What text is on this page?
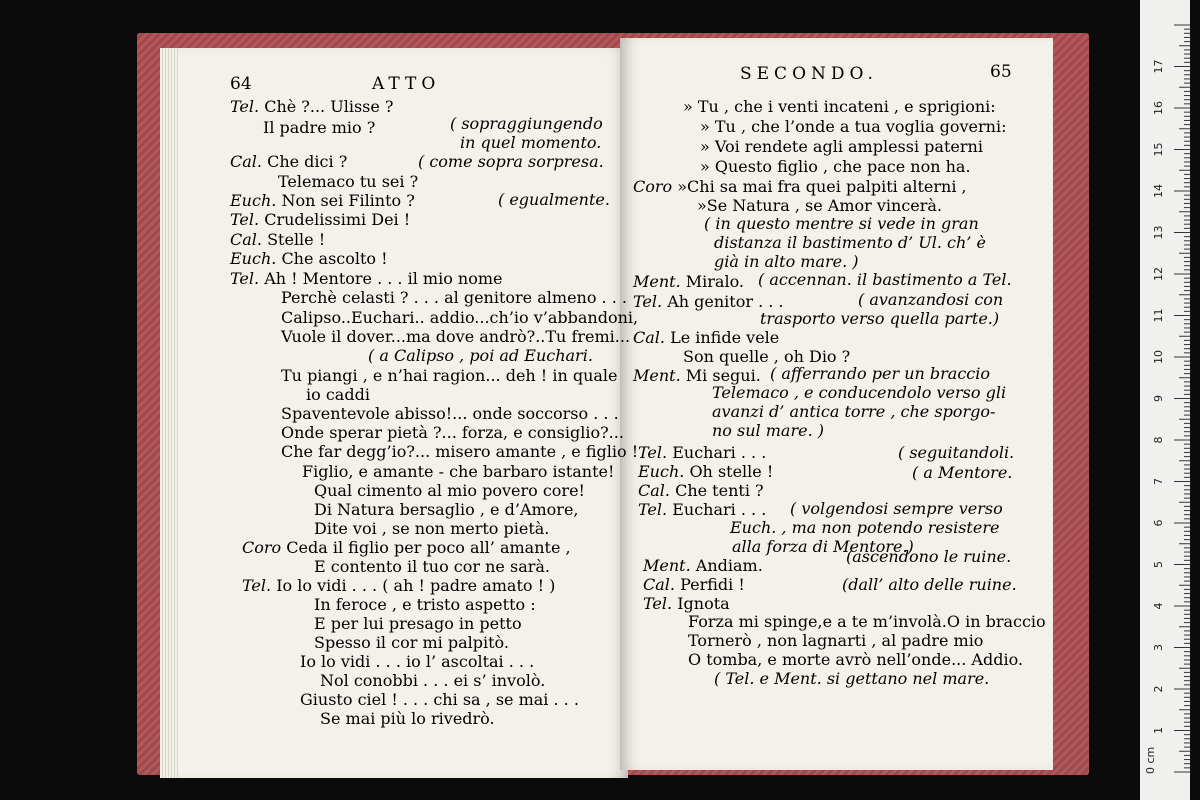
64	ATTO	SECONDO.	65
Tel. Chè ?... Ulisse ?
Il padre mio ?	( sopraggiungendo
in quel momento.
Cal. Che dici ?	( come sopra sorpresa.
Telemaco tu sei ?
Euch. Non sei Filinto ?	( egualmente.
Tel. Crudelissimi Dei !
Cal. Stelle !
Euch. Che ascolto !
Tel. Ah ! Mentore . . . il mio nome
Perchè celasti ? . . . al genitore almeno . . .
Calipso..Euchari.. addio...ch’io v’abbandoni,
Vuole il dover...ma dove andrò?..Tu fremi...
( a Calipso , poi ad Euchari.
Tu piangi , e n’hai ragion... deh ! in quale
io caddi
Spaventevole abisso!... onde soccorso . . .
Onde sperar pietà ?... forza, e consiglio?...
Che far degg’io?... misero amante , e figlio !
Figlio, e amante - che barbaro istante!
Qual cimento al mio povero core!
Di Natura bersaglio , e d’Amore,
Dite voi , se non merto pietà.
Coro Ceda il figlio per poco all’ amante ,
E contento il tuo cor ne sarà.
Tel. Io lo vidi . . . ( ah ! padre amato ! )
In feroce , e tristo aspetto :
E per lui presago in petto
Spesso il cor mi palpitò.
Io lo vidi . . . io l’ ascoltai . . .
Nol conobbi . . . ei s’ involò.
Giusto ciel ! . . . chi sa , se mai . . .
Se mai più lo rivedrò.
» Tu , che i venti incateni , e sprigioni:
» Tu , che l’onde a tua voglia governi:
» Voi rendete agli amplessi paterni
» Questo figlio , che pace non ha.
Coro »Chi sa mai fra quei palpiti alterni ,
»Se Natura , se Amor vincerà.
( in questo mentre si vede in gran
distanza il bastimento d’ Ul. ch’ è
già in alto mare. )
Ment. Miralo. ( accennan. il bastimento a Tel.
Tel. Ah genitor . . .	( avanzandosi con
trasporto verso quella parte.)
Cal. Le infide vele
Son quelle , oh Dio ?
Ment. Mi segui. ( afferrando per un braccio
Telemaco , e conducendolo verso gli
avanzi d’ antica torre , che sporgo-
no sul mare. )
Tel. Euchari . . .	( seguitandoli.
Euch. Oh stelle !	( a Mentore.
Cal. Che tenti ?
Tel. Euchari . . . ( volgendosi sempre verso
Euch. , ma non potendo resistere
alla forza di Mentore.)
(ascendono le ruine.
Ment. Andiam.
Cal. Perfidi !	(dall’ alto delle ruine.
Tel. Ignota
Forza mi spinge,e a te m’involà.O in braccio
Tornerò , non lagnarti , al padre mio
O tomba, e morte avrò nell’onde... Addio.
( Tel. e Ment. si gettano nel mare.
0 cm
1
2
3
4
5
6
7
8
9
10
11
12
13
14
15
16
17
